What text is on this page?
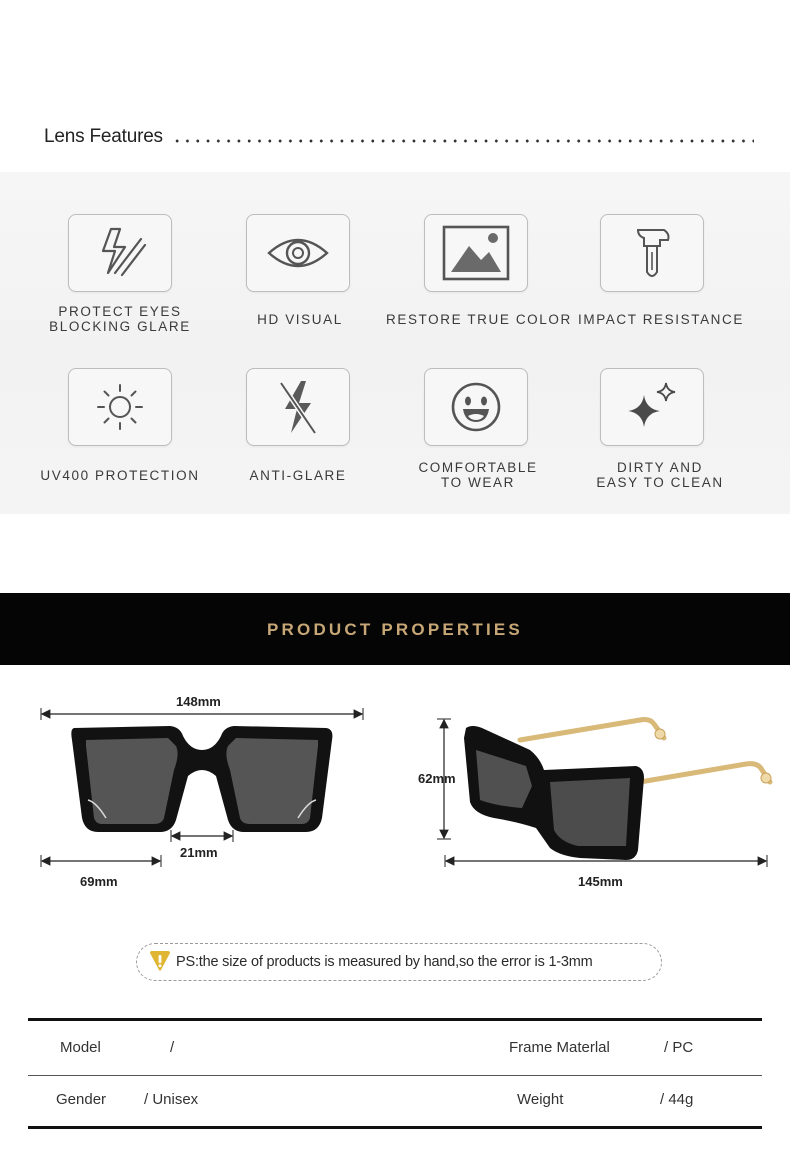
Lens Features
PROTECT EYES
BLOCKING GLARE	HD VISUAL	RESTORE TRUE COLOR IMPACT RESISTANCE
UV400 PROTECTION	ANTI-GLARE
COMFORTABLE
TO WEAR
DIRTY AND
EASY TO CLEAN
PRODUCT PROPERTIES
148mm
21mm
69mm
62mm
145mm
PS:the size of products is measured by hand,so the error is 1-3mm
Model	/	Frame Materlal	/ PC
Gender	/ Unisex	Weight	/ 44g
